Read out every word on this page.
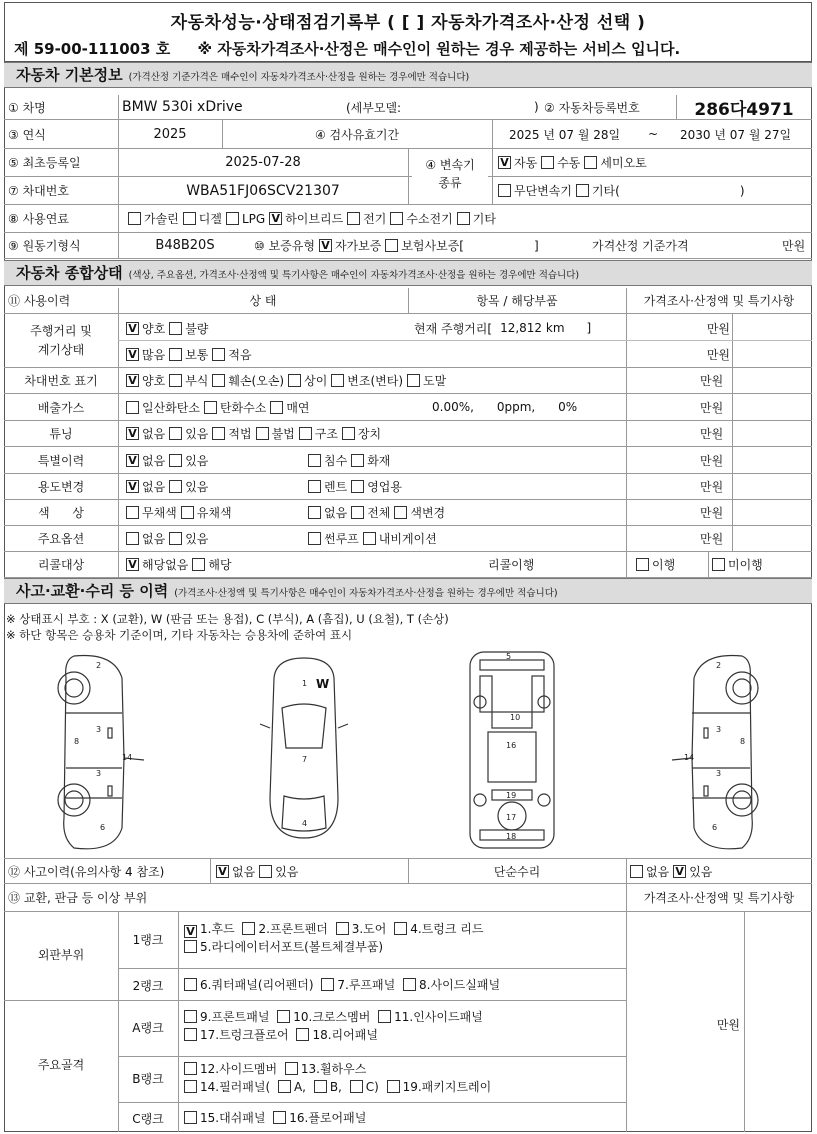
자동차성능·상태점검기록부 ( [ ] 자동차가격조사·산정 선택 )
제 59-00-111003 호 ※ 자동차가격조사·산정은 매수인이 원하는 경우 제공하는 서비스 입니다.
자동차 기본정보 (가격산정 기준가격은 매수인이 자동차가격조사·산정을 원하는 경우에만 적습니다)
① 차명	BMW 530i xDrive	(세부모델:	) ② 자동차등록번호	286다4971
③ 연식	2025	④ 검사유효기간	2025 년 07 월 28일	~	2030 년 07 월 27일
⑤ 최초등록일	2025-07-28	V 자동 수동 세미오토
⑦ 차대번호	WBA51FJ06SCV21307	무단변속기 기타(	)
④ 변속기
종류
⑧ 사용연료	가솔린 디젤 LPG V 하이브리드 전기 수소전기 기타
⑨ 원동기형식	B48B20S	⑩ 보증유형 V 자가보증 보험사보증[	]	가격산정 기준가격	만원
자동차 종합상태 (색상, 주요옵션, 가격조사·산정액 및 특기사항은 매수인이 자동차가격조사·산정을 원하는 경우에만 적습니다)
⑪ 사용이력	상 태	항목 / 해당부품	가격조사·산정액 및 특기사항
주행거리 및
계기상태
V 양호 불량	현재 주행거리[ 12,812 km ]	만원
V 많음 보통 적음	만원
차대번호 표기	V 양호 부식 훼손(오손) 상이 변조(변타) 도말	만원
배출가스	일산화탄소 탄화수소 매연	0.00%,      0ppm,      0%	만원
튜닝	V 없음 있음 적법 불법 구조 장치	만원
특별이력	V 없음 있음	침수 화재	만원
용도변경	V 없음 있음	렌트 영업용	만원
색      상	무채색 유채색	없음 전체 색변경	만원
주요옵션	없음 있음	썬루프 내비게이션	만원
리콜대상	V 해당없음 해당	리콜이행	이행	미이행
사고·교환·수리 등 이력 (가격조사·산정액 및 특기사항은 매수인이 자동차가격조사·산정을 원하는 경우에만 적습니다)
※ 상태표시 부호 : X (교환), W (판금 또는 용접), C (부식), A (흠집), U (요철), T (손상)
※ 하단 항목은 승용차 기준이며, 기타 자동차는 승용차에 준하여 표시
2
3
8
14
3
6
1
7
4
5
10
16
19
17
18
2
3
8
14
3
6
W
⑫ 사고이력(유의사항 4 참조)	V 없음 있음	단순수리	없음 V 있음
⑬ 교환, 판금 등 이상 부위	가격조사·산정액 및 특기사항
외판부위
1랭크
V 1.후드 2.프론트펜더 3.도어 4.트렁크 리드
5.라디에이터서포트(볼트체결부품)
2랭크	6.쿼터패널(리어펜더) 7.루프패널 8.사이드실패널
주요골격
A랭크
9.프론트패널 10.크로스멤버 11.인사이드패널
17.트렁크플로어 18.리어패널
B랭크
12.사이드멤버 13.휠하우스
14.필러패널( A, B, C) 19.패키지트레이
C랭크	15.대쉬패널 16.플로어패널
만원
